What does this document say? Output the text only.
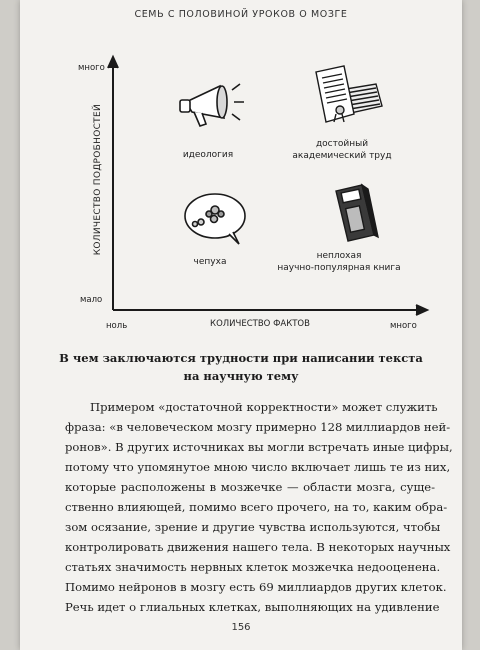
СЕМЬ С ПОЛОВИНОЙ УРОКОВ О МОЗГЕ
много
мало
ноль	много
КОЛИЧЕСТВО ФАКТОВ
КОЛИЧЕСТВО ПОДРОБНОСТЕЙ	идеология
достойный
академический труд
чепуха
неплохая
научно-популярная книга
В чем заключаются трудности при написании текста
на научную тему
Примером «достаточной корректности» может служить
фраза: «в человеческом мозгу примерно 128 миллиардов ней-
ронов». В других источниках вы могли встречать иные цифры,
потому что упомянутое мною число включает лишь те из них,
которые расположены в мозжечке — области мозга, суще-
ственно влияющей, помимо всего прочего, на то, каким обра-
зом осязание, зрение и другие чувства используются, чтобы
контролировать движения нашего тела. В некоторых научных
статьях значимость нервных клеток мозжечка недооценена.
Помимо нейронов в мозгу есть 69 миллиардов других клеток.
Речь идет о глиальных клетках, выполняющих на удивление
156
